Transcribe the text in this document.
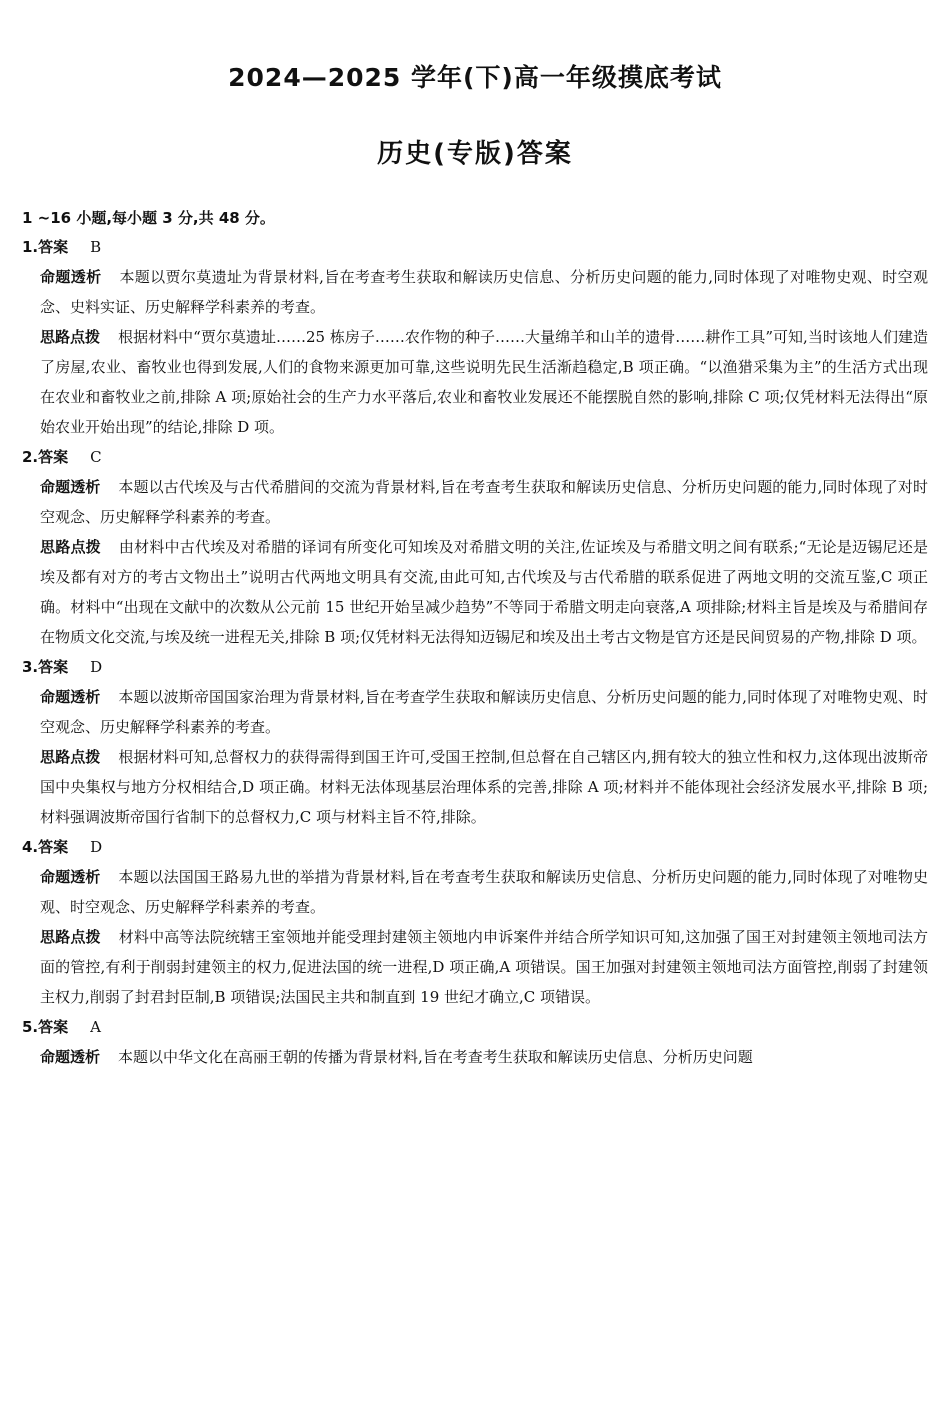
2024—2025 学年(下)高一年级摸底考试
历史(专版)答案
1 ~16 小题,每小题 3 分,共 48 分。
1.答案 B

命题透析 本题以贾尔莫遗址为背景材料,旨在考查考生获取和解读历史信息、分析历史问题的能力,同时体现了对唯物史观、时空观念、史料实证、历史解释学科素养的考查。

思路点拨 根据材料中“贾尔莫遗址……25 栋房子……农作物的种子……大量绵羊和山羊的遗骨……耕作工具”可知,当时该地人们建造了房屋,农业、畜牧业也得到发展,人们的食物来源更加可靠,这些说明先民生活渐趋稳定,B 项正确。“以渔猎采集为主”的生活方式出现在农业和畜牧业之前,排除 A 项;原始社会的生产力水平落后,农业和畜牧业发展还不能摆脱自然的影响,排除 C 项;仅凭材料无法得出“原始农业开始出现”的结论,排除 D 项。

2.答案 C

命题透析 本题以古代埃及与古代希腊间的交流为背景材料,旨在考查考生获取和解读历史信息、分析历史问题的能力,同时体现了对时空观念、历史解释学科素养的考查。

思路点拨 由材料中古代埃及对希腊的译词有所变化可知埃及对希腊文明的关注,佐证埃及与希腊文明之间有联系;“无论是迈锡尼还是埃及都有对方的考古文物出土”说明古代两地文明具有交流,由此可知,古代埃及与古代希腊的联系促进了两地文明的交流互鉴,C 项正确。材料中“出现在文献中的次数从公元前 15 世纪开始呈减少趋势”不等同于希腊文明走向衰落,A 项排除;材料主旨是埃及与希腊间存在物质文化交流,与埃及统一进程无关,排除 B 项;仅凭材料无法得知迈锡尼和埃及出土考古文物是官方还是民间贸易的产物,排除 D 项。

3.答案 D

命题透析 本题以波斯帝国国家治理为背景材料,旨在考查学生获取和解读历史信息、分析历史问题的能力,同时体现了对唯物史观、时空观念、历史解释学科素养的考查。

思路点拨 根据材料可知,总督权力的获得需得到国王许可,受国王控制,但总督在自己辖区内,拥有较大的独立性和权力,这体现出波斯帝国中央集权与地方分权相结合,D 项正确。材料无法体现基层治理体系的完善,排除 A 项;材料并不能体现社会经济发展水平,排除 B 项;材料强调波斯帝国行省制下的总督权力,C 项与材料主旨不符,排除。

4.答案 D

命题透析 本题以法国国王路易九世的举措为背景材料,旨在考查考生获取和解读历史信息、分析历史问题的能力,同时体现了对唯物史观、时空观念、历史解释学科素养的考查。

思路点拨 材料中高等法院统辖王室领地并能受理封建领主领地内申诉案件并结合所学知识可知,这加强了国王对封建领主领地司法方面的管控,有利于削弱封建领主的权力,促进法国的统一进程,D 项正确,A 项错误。国王加强对封建领主领地司法方面管控,削弱了封建领主权力,削弱了封君封臣制,B 项错误;法国民主共和制直到 19 世纪才确立,C 项错误。

5.答案 A

命题透析 本题以中华文化在高丽王朝的传播为背景材料,旨在考查考生获取和解读历史信息、分析历史问题
